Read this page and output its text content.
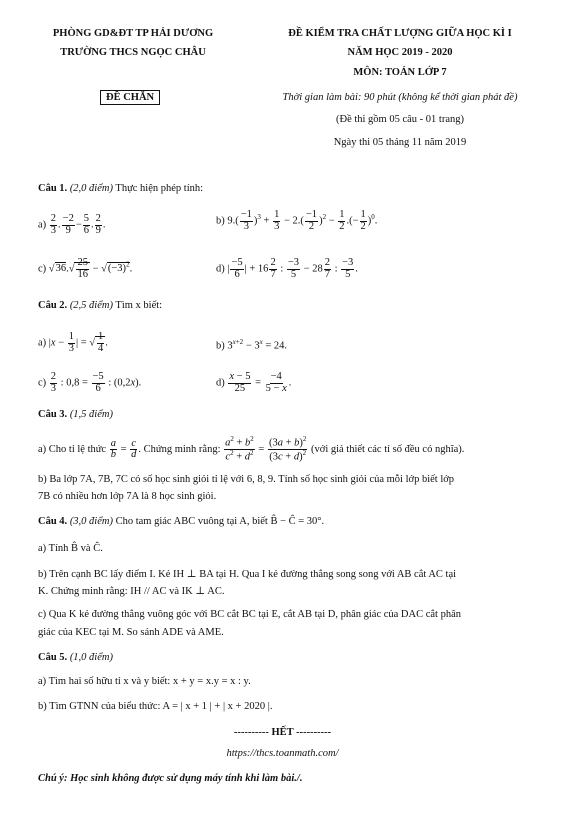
PHÒNG GD&ĐT TP HẢI DƯƠNG
TRƯỜNG THCS NGỌC CHÂU
ĐỀ KIỂM TRA CHẤT LƯỢNG GIỮA HỌC KÌ I
NĂM HỌC 2019 - 2020
MÔN: TOÁN LỚP 7
ĐỀ CHẴN	Thời gian làm bài: 90 phút (không kể thời gian phát đề)
(Đề thi gồm 05 câu - 01 trang)
Ngày thi 05 tháng 11 năm 2019
Câu 1. (2,0 điểm) Thực hiện phép tính:
$a) \frac{2}{3}$ . $\frac{-2}{9} - \frac{5}{6}$ . $\frac{2}{9}$ .	b) $9.( \frac{-1}{3} )^3 + \frac{1}{3} - 2.( \frac{-1}{2} )^2 - \frac{1}{2}$ .(− $\frac{1}{2} )^0$.
c) $√36.√ \frac{25}{16} - √(-3)^2$.	d) | $\frac{-5}{6}$ | + $16 \frac{2}{7}$ : $\frac{-3}{5} - 28 \frac{2}{7}$ : $\frac{-3}{5}$ .
Câu 2. (2,5 điểm) Tìm x biết:
a) $|x - \frac{1}{3}$ | = √ $\frac{1}{4}$ .	b) $3^{x+2} - 3^x = 24$.
$c) \frac{2}{3}$ : $0,8 = \frac{-5}{6}$ : (0,2x).	$d) \frac{x - 5}{25} = \frac{-4}{5 - x}$ .
Câu 3. (1,5 điểm)
a) Cho tỉ lệ thức $\frac{a}{b} = \frac{c}{d}$ . Chứng minh rằng: $\frac{a^2 + b^2}{c^2 + d^2} = \frac{(3a + b)^2}{(3c + d)^2}$ (với giả thiết các tỉ số đều có nghĩa).
b) Ba lớp 7A, 7B, 7C có số học sinh giỏi tỉ lệ với 6, 8, 9. Tính số học sinh giỏi của mỗi lớp biết lớp
7B có nhiều hơn lớp 7A là 8 học sinh giỏi.
Câu 4. (3,0 điểm) Cho tam giác ABC vuông tại A, biết B̂ − Ĉ = 30°.
a) Tính B̂ và Ĉ.
b) Trên cạnh BC lấy điểm I. Kẻ IH ⊥ BA tại H. Qua I kẻ đường thẳng song song với AB cắt AC tại
K. Chứng minh rằng: IH // AC và IK ⊥ AC.
c) Qua K kẻ đường thẳng vuông góc với BC cắt BC tại E, cắt AB tại D, phân giác của DAC cắt phân
giác của KEC tại M. So sánh ADE và AME.
Câu 5. (1,0 điểm)
a) Tìm hai số hữu tỉ x và y biết: x + y = x.y = x : y.
b) Tìm GTNN của biểu thức: A = | x + 1 | + | x + 2020 |.
---------- HẾT ----------
https://thcs.toanmath.com/
Chú ý: Học sinh không được sử dụng máy tính khi làm bài./.
